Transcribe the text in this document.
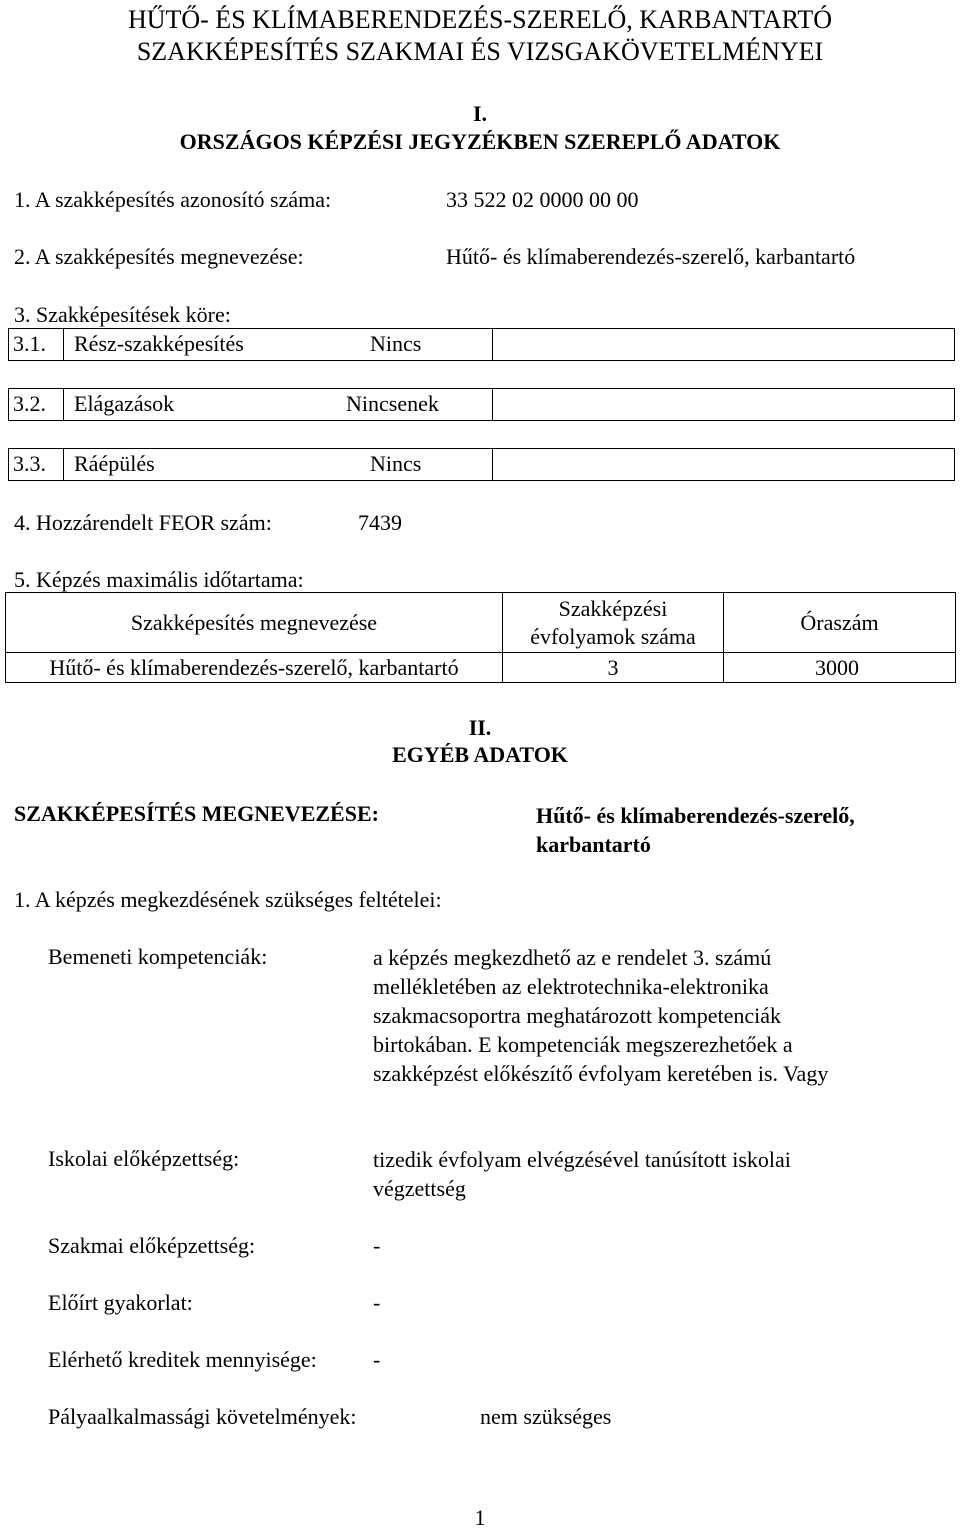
HŰTŐ- ÉS KLÍMABERENDEZÉS-SZERELŐ, KARBANTARTÓ
SZAKKÉPESÍTÉS SZAKMAI ÉS VIZSGAKÖVETELMÉNYEI
I.
ORSZÁGOS KÉPZÉSI JEGYZÉKBEN SZEREPLŐ ADATOK
1. A szakképesítés azonosító száma:	33 522 02 0000 00 00
2. A szakképesítés megnevezése:	Hűtő- és klímaberendezés-szerelő, karbantartó
3. Szakképesítések köre:
3.1. Rész-szakképesítés	Nincs
3.2. Elágazások	Nincsenek
3.3. Ráépülés	Nincs
4. Hozzárendelt FEOR szám:	7439
5. Képzés maximális időtartama:
Szakképesítés megnevezése	Szakképzési évfolyamok száma	Óraszám
Hűtő- és klímaberendezés-szerelő, karbantartó	3	3000
II.
EGYÉB ADATOK
SZAKKÉPESÍTÉS MEGNEVEZÉSE:	Hűtő- és klímaberendezés-szerelő, karbantartó
1. A képzés megkezdésének szükséges feltételei:
Bemeneti kompetenciák:	a képzés megkezdhető az e rendelet 3. számú mellékletében az elektrotechnika-elektronika szakmacsoportra meghatározott kompetenciák birtokában. E kompetenciák megszerezhetőek a szakképzést előkészítő évfolyam keretében is. Vagy
Iskolai előképzettség:	tizedik évfolyam elvégzésével tanúsított iskolai végzettség
Szakmai előképzettség:	-
Előírt gyakorlat:	-
Elérhető kreditek mennyisége:	-
Pályaalkalmassági követelmények:	nem szükséges
1
